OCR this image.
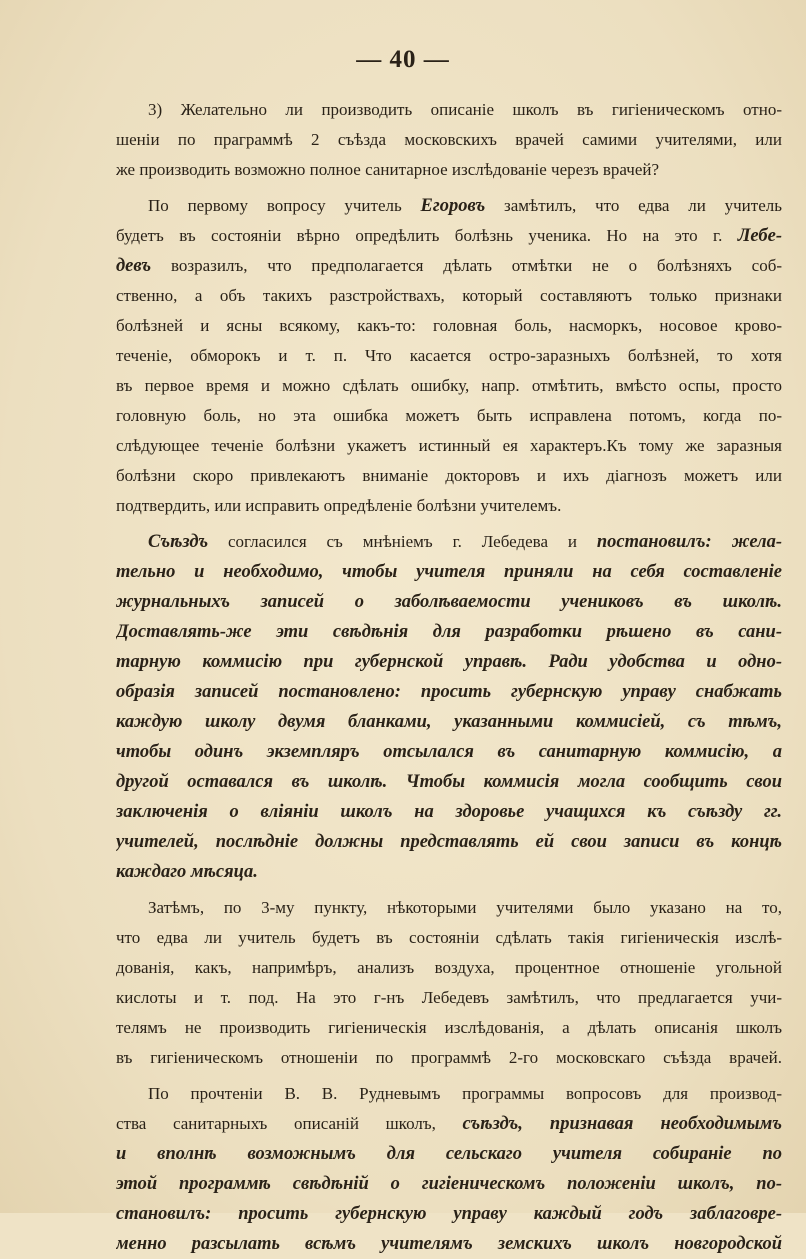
— 40 —
3) Желательно ли производить описаніе школъ въ гигіеническомъ отно-
шеніи по праграммѣ 2 съѣзда московскихъ врачей самими учителями, или
же производить возможно полное санитарное изслѣдованіе черезъ врачей?
По первому вопросу учитель Егоровъ замѣтилъ, что едва ли учитель
будетъ въ состояніи вѣрно опредѣлить болѣзнь ученика. Но на это г. Лебе-
девъ возразилъ, что предполагается дѣлать отмѣтки не о болѣзняхъ соб-
ственно, а объ такихъ разстройствахъ, который составляютъ только признаки
болѣзней и ясны всякому, какъ-то: головная боль, насморкъ, носовое крово-
теченіе, обморокъ и т. п. Что касается остро-заразныхъ болѣзней, то хотя
въ первое время и можно сдѣлать ошибку, напр. отмѣтить, вмѣсто оспы, просто
головную боль, но эта ошибка можетъ быть исправлена потомъ, когда по-
слѣдующее теченіе болѣзни укажетъ истинный ея характеръ.Къ тому же заразныя
болѣзни скоро привлекаютъ вниманіе докторовъ и ихъ діагнозъ можетъ или
подтвердить, или исправить опредѣленіе болѣзни учителемъ.
Съѣздъ согласился съ мнѣніемъ г. Лебедева и постановилъ: жела-
тельно и необходимо, чтобы учителя приняли на себя составленіе
журнальныхъ записей о заболѣваемости учениковъ въ школѣ.
Доставлять-же эти свѣдѣнія для разработки рѣшено въ сани-
тарную коммисію при губернской управѣ. Ради удобства и одно-
образія записей постановлено: просить губернскую управу снабжать
каждую школу двумя бланками, указанными коммисіей, съ тѣмъ,
чтобы одинъ экземпляръ отсылался въ санитарную коммисію, а
другой оставался въ школѣ. Чтобы коммисія могла сообщить свои
заключенія о вліяніи школъ на здоровье учащихся къ съѣзду гг.
учителей, послѣдніе должны представлять ей свои записи въ концѣ
каждаго мѣсяца.
Затѣмъ, по 3-му пункту, нѣкоторыми учителями было указано на то,
что едва ли учитель будетъ въ состояніи сдѣлать такія гигіеническія изслѣ-
дованія, какъ, напримѣръ, анализъ воздуха, процентное отношеніе угольной
кислоты и т. под. На это г-нъ Лебедевъ замѣтилъ, что предлагается учи-
телямъ не производить гигіеническія изслѣдованія, а дѣлать описанія школъ
въ гигіеническомъ отношеніи по программѣ 2-го московскаго съѣзда врачей.
По прочтеніи В. В. Рудневымъ программы вопросовъ для производ-
ства санитарныхъ описаній школъ, съѣздъ, признавая необходимымъ
и вполнѣ возможнымъ для сельскаго учителя собираніе по
этой программѣ свѣдѣній о гигіеническомъ положеніи школъ, по-
становилъ: просить губернскую управу каждый годъ заблаговре-
менно разсылать всѣмъ учителямъ земскихъ школъ новгородской
